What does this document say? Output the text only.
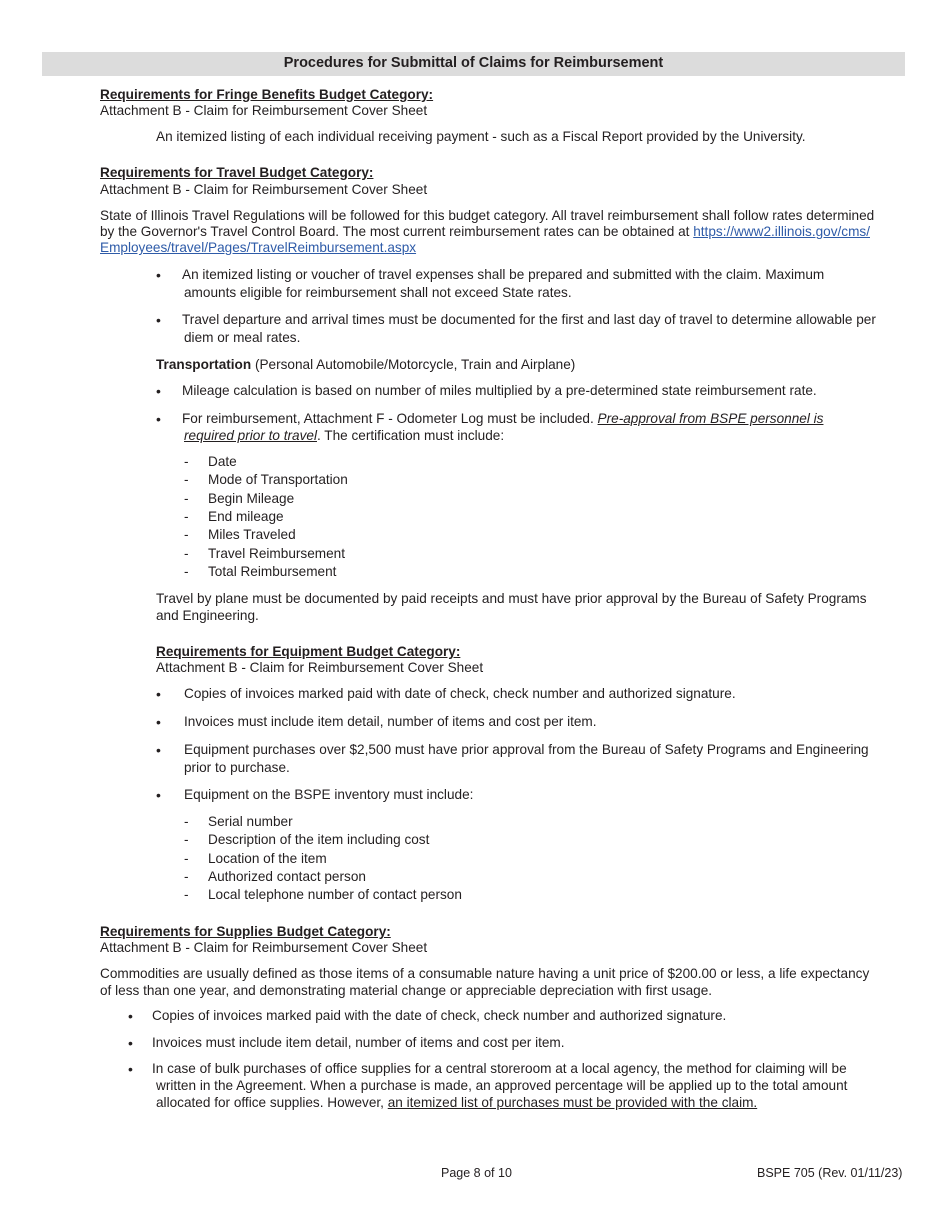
Procedures for Submittal of Claims for Reimbursement

Requirements for Fringe Benefits Budget Category:

Attachment B - Claim for Reimbursement Cover Sheet

An itemized listing of each individual receiving payment - such as a Fiscal Report provided by the University.

Requirements for Travel Budget Category:

Attachment B - Claim for Reimbursement Cover Sheet

State of Illinois Travel Regulations will be followed for this budget category. All travel reimbursement shall follow rates determined

by the Governor's Travel Control Board. The most current reimbursement rates can be obtained at https://www2.illinois.gov/cms/

Employees/travel/Pages/TravelReimbursement.aspx

• An itemized listing or voucher of travel expenses shall be prepared and submitted with the claim. Maximum
amounts eligible for reimbursement shall not exceed State rates.
• Travel departure and arrival times must be documented for the first and last day of travel to determine allowable per
diem or meal rates.

Transportation (Personal Automobile/Motorcycle, Train and Airplane)

• Mileage calculation is based on number of miles multiplied by a pre-determined state reimbursement rate.
• For reimbursement, Attachment F - Odometer Log must be included. Pre-approval from BSPE personnel is
required prior to travel. The certification must include:
- Date
- Mode of Transportation
- Begin Mileage
- End mileage
- Miles Traveled
- Travel Reimbursement
- Total Reimbursement

Travel by plane must be documented by paid receipts and must have prior approval by the Bureau of Safety Programs

and Engineering.

Requirements for Equipment Budget Category:

Attachment B - Claim for Reimbursement Cover Sheet

• Copies of invoices marked paid with date of check, check number and authorized signature.
• Invoices must include item detail, number of items and cost per item.
• Equipment purchases over $2,500 must have prior approval from the Bureau of Safety Programs and Engineering
prior to purchase.
• Equipment on the BSPE inventory must include:
- Serial number
- Description of the item including cost
- Location of the item
- Authorized contact person
- Local telephone number of contact person

Requirements for Supplies Budget Category:

Attachment B - Claim for Reimbursement Cover Sheet

Commodities are usually defined as those items of a consumable nature having a unit price of $200.00 or less, a life expectancy

of less than one year, and demonstrating material change or appreciable depreciation with first usage.

• Copies of invoices marked paid with the date of check, check number and authorized signature.
• Invoices must include item detail, number of items and cost per item.
• In case of bulk purchases of office supplies for a central storeroom at a local agency, the method for claiming will be
written in the Agreement. When a purchase is made, an approved percentage will be applied up to the total amount
allocated for office supplies. However, an itemized list of purchases must be provided with the claim.
Page 8 of 10	BSPE 705 (Rev. 01/11/23)
